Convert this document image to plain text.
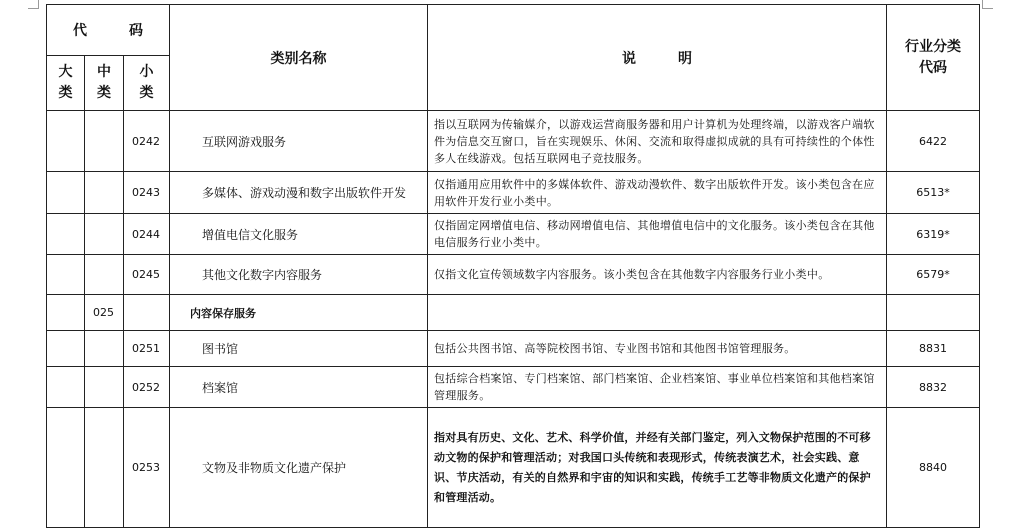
代　码			类别名称	说　明	行业分类代码

大类	中类	小类			

		0242	互联网游戏服务	指以互联网为传输媒介，以游戏运营商服务器和用户计算机为处理终端，以游戏客户端软件为信息交互窗口，旨在实现娱乐、休闲、交流和取得虚拟成就的具有可持续性的个体性多人在线游戏。包括互联网电子竞技服务。	6422
		0243	多媒体、游戏动漫和数字出版软件开发	仅指通用应用软件中的多媒体软件、游戏动漫软件、数字出版软件开发。该小类包含在应用软件开发行业小类中。	6513*
		0244	增值电信文化服务	仅指固定网增值电信、移动网增值电信、其他增值电信中的文化服务。该小类包含在其他电信服务行业小类中。	6319*
		0245	其他文化数字内容服务	仅指文化宣传领域数字内容服务。该小类包含在其他数字内容服务行业小类中。	6579*
	025		内容保存服务		
		0251	图书馆	包括公共图书馆、高等院校图书馆、专业图书馆和其他图书馆管理服务。	8831
		0252	档案馆	包括综合档案馆、专门档案馆、部门档案馆、企业档案馆、事业单位档案馆和其他档案馆管理服务。	8832
		0253	文物及非物质文化遗产保护	指对具有历史、文化、艺术、科学价值，并经有关部门鉴定，列入文物保护范围的不可移动文物的保护和管理活动；对我国口头传统和表现形式，传统表演艺术，社会实践、意识、节庆活动，有关的自然界和宇宙的知识和实践，传统手工艺等非物质文化遗产的保护和管理活动。	8840
